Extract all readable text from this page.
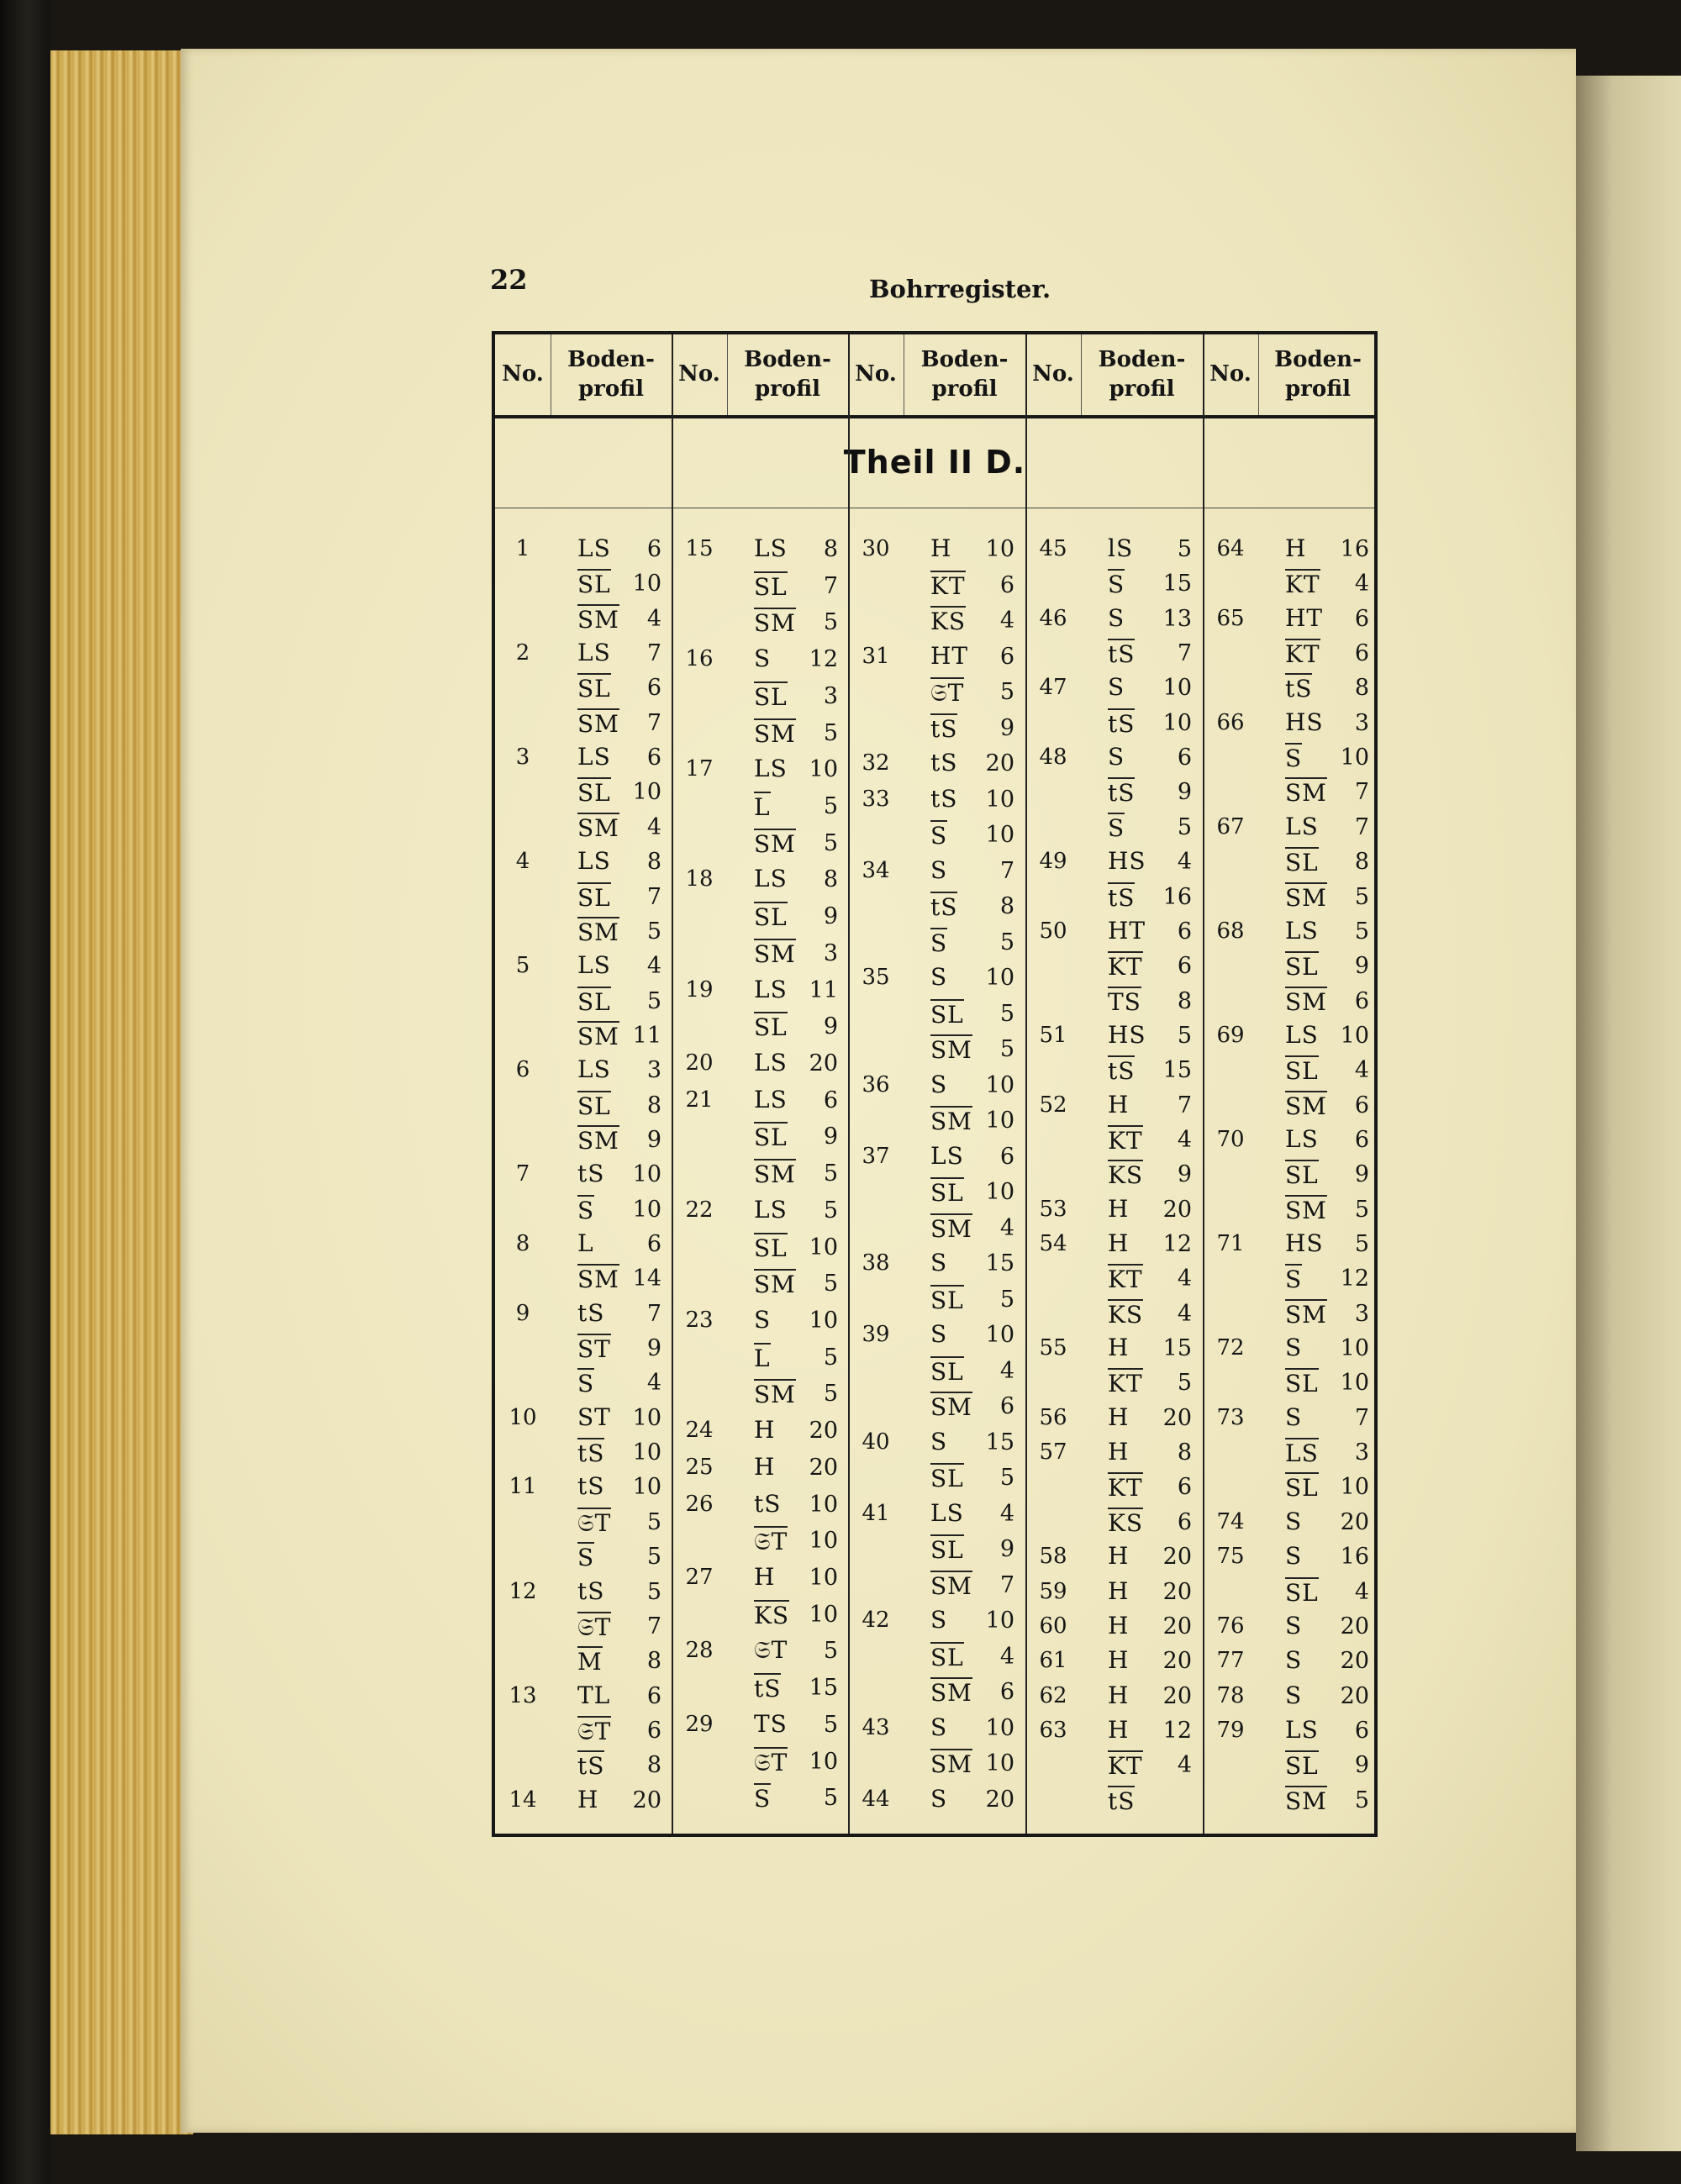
22	Bohrregister.
Theil II D.
No.
Boden-
profil
1	LS	6
SL 10
SM	4
2	LS	7
SL	6
SM	7
3	LS	6
SL 10
SM	4
4	LS	8
SL	7
SM	5
5	LS	4
SL	5
SM 11
6	LS	3
SL	8
SM	9
7	tS 10
S 10
8	L	6
SM 14
9	tS	7
ST	9
S	4
10 ST 10
tS 10
11 tS 10
𝔖T	5
S	5
12 tS	5
𝔖T	7
M	8
13 TL	6
𝔖T	6
tS	8
14 H 20
No.
Boden-
profil
15 LS	8
SL	7
SM	5
16 S 12
SL	3
SM	5
17 LS 10
L	5
SM	5
18 LS	8
SL	9
SM	3
19 LS 11
SL	9
20 LS 20
21 LS	6
SL	9
SM	5
22 LS	5
SL 10
SM	5
23 S 10
L	5
SM	5
24 H 20
25 H 20
26 tS 10
𝔖T 10
27 H 10
KS 10
28 𝔖T	5
tS 15
29 TS	5
𝔖T 10
S	5
No.
Boden-
profil
30 H 10
KT	6
KS	4
31 HT	6
𝔖T	5
tS	9
32 tS 20
33 tS 10
S 10
34 S	7
tS	8
S	5
35 S 10
SL	5
SM	5
36 S 10
SM 10
37 LS	6
SL 10
SM	4
38 S 15
SL	5
39 S 10
SL	4
SM	6
40 S 15
SL	5
41 LS	4
SL	9
SM	7
42 S 10
SL	4
SM	6
43 S 10
SM 10
44 S 20
No.
Boden-
profil
45 lS	5
S 15
46 S 13
tS	7
47 S 10
tS 10
48 S	6
tS	9
S	5
49 HS	4
tS 16
50 HT	6
KT	6
TS	8
51 HS	5
tS 15
52 H	7
KT	4
KS	9
53 H 20
54 H 12
KT	4
KS	4
55 H 15
KT	5
56 H 20
57 H	8
KT	6
KS	6
58 H 20
59 H 20
60 H 20
61 H 20
62 H 20
63 H 12
KT	4
tS
No.
Boden-
profil
64 H 16
KT	4
65 HT	6
KT	6
tS	8
66 HS	3
S 10
SM	7
67 LS	7
SL	8
SM	5
68 LS	5
SL	9
SM	6
69 LS 10
SL	4
SM	6
70 LS	6
SL	9
SM	5
71 HS	5
S 12
SM	3
72 S 10
SL 10
73 S	7
LS	3
SL 10
74 S 20
75 S 16
SL	4
76 S 20
77 S 20
78 S 20
79 LS	6
SL	9
SM	5
